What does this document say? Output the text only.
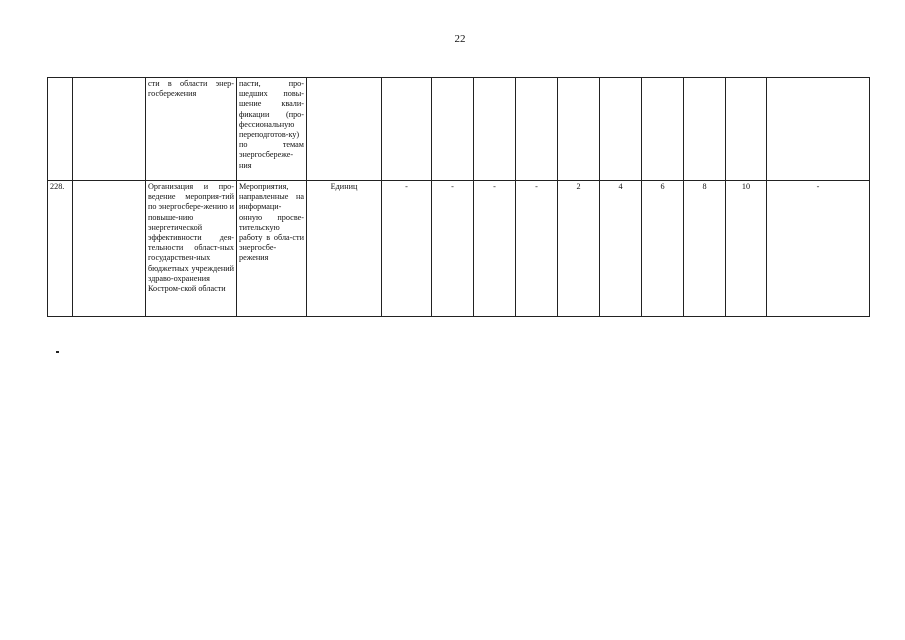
22
		сти в области энер-госбережения	пасти, про-шедших повы-шение квали-фикации (про-фессиональную переподготов-ку) по темам энергосбереже-ния											
228.		Организация и про-ведение мероприя-тий по энергосбере-жению и повыше-нию энергетической эффективности дея-тельности област-ных государствен-ных бюджетных учреждений здраво-охранения Костром-ской области	Мероприятия, направленные на информаци-онную просве-тительскую работу в обла-сти энергосбе-режения	Единиц	-	-	-	-	2	4	6	8	10	-
